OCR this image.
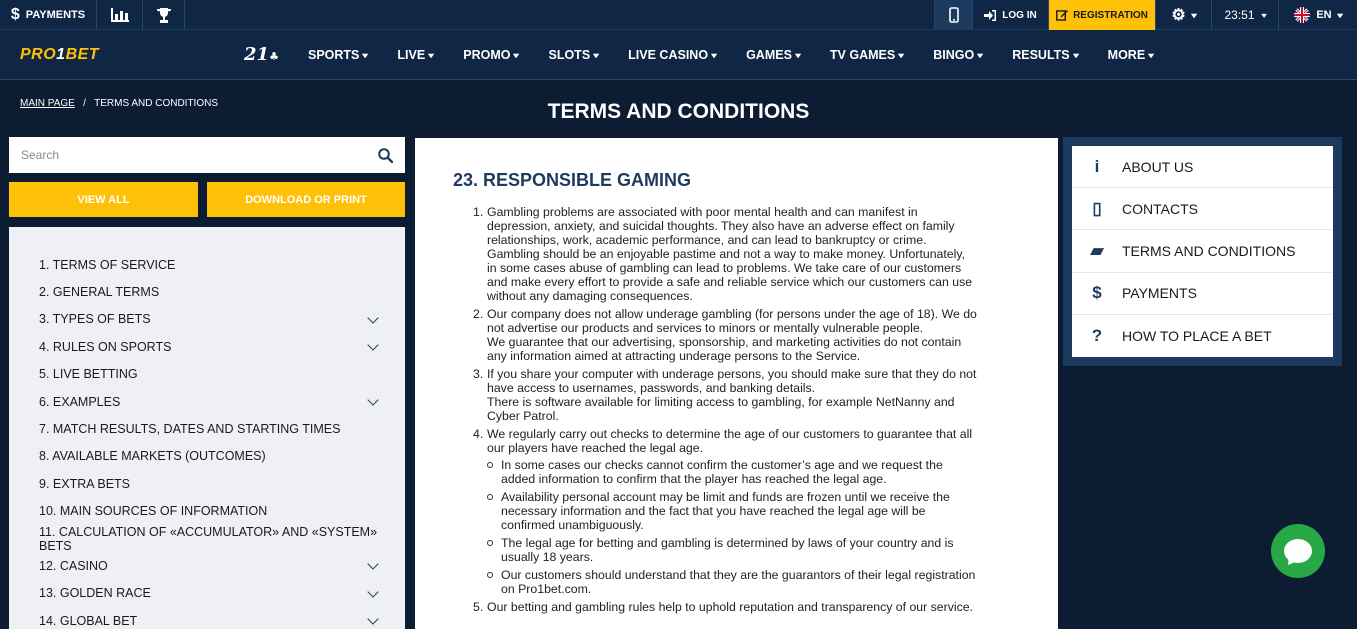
$ PAYMENTS	LOG IN	REGISTRATION ⚙ ▾ 23:51 ▾	EN ▾
PRO1BET	21♣ SPORTS ▾ LIVE ▾ PROMO ▾ SLOTS ▾ LIVE CASINO ▾ GAMES ▾ TV GAMES ▾ BINGO ▾ RESULTS ▾ MORE ▾
TERMS AND CONDITIONS
MAIN PAGE / TERMS AND CONDITIONS
Search
VIEW ALL	DOWNLOAD OR PRINT
1. TERMS OF SERVICE
2. GENERAL TERMS
3. TYPES OF BETS
4. RULES ON SPORTS
5. LIVE BETTING
6. EXAMPLES
7. MATCH RESULTS, DATES AND STARTING TIMES
8. AVAILABLE MARKETS (OUTCOMES)
9. EXTRA BETS
10. MAIN SOURCES OF INFORMATION
11. CALCULATION OF «ACCUMULATOR» AND «SYSTEM» BETS
12. CASINO
13. GOLDEN RACE
14. GLOBAL BET
23. RESPONSIBLE GAMING
1. Gambling problems are associated with poor mental health and can manifest in depression, anxiety, and suicidal thoughts. They also have an adverse effect on family relationships, work, academic performance, and can lead to bankruptcy or crime.
Gambling should be an enjoyable pastime and not a way to make money. Unfortunately, in some cases abuse of gambling can lead to problems. We take care of our customers and make every effort to provide a safe and reliable service which our customers can use without any damaging consequences.
2. Our company does not allow underage gambling (for persons under the age of 18). We do not advertise our products and services to minors or mentally vulnerable people.
We guarantee that our advertising, sponsorship, and marketing activities do not contain any information aimed at attracting underage persons to the Service.
3. If you share your computer with underage persons, you should make sure that they do not have access to usernames, passwords, and banking details.
There is software available for limiting access to gambling, for example NetNanny and Cyber Patrol.
4. We regularly carry out checks to determine the age of our customers to guarantee that all our players have reached the legal age.
In some cases our checks cannot confirm the customer’s age and we request the added information to confirm that the player has reached the legal age.
Availability personal account may be limit and funds are frozen until we receive the necessary information and the fact that you have reached the legal age will be confirmed unambiguously.
The legal age for betting and gambling is determined by laws of your country and is usually 18 years.
Our customers should understand that they are the guarantors of their legal registration on Pro1bet.com.
5. Our betting and gambling rules help to uphold reputation and transparency of our service.
i	ABOUT US
▯	CONTACTS
▰	TERMS AND CONDITIONS
$	PAYMENTS
?	HOW TO PLACE A BET
